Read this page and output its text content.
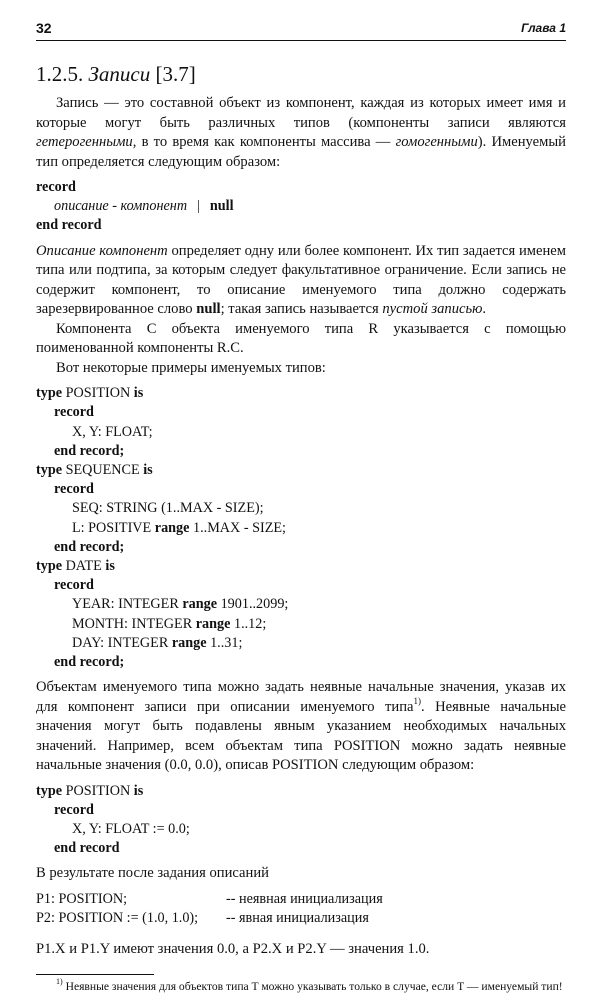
32	Глава 1
1.2.5. Записи [3.7]

Запись — это составной объект из компонент, каждая из которых имеет имя и которые могут быть различных типов (компоненты записи являются гетерогенными, в то время как компоненты массива — гомогенными). Именуемый тип определяется следующим образом:

record
описание - компонент | null
end record

Описание компонент определяет одну или более компонент. Их тип задается именем типа или подтипа, за которым следует факультативное ограничение. Если запись не содержит компонент, то описание именуемого типа должно содержать зарезервированное слово null; такая запись называется пустой записью.

Компонента C объекта именуемого типа R указывается с помощью поименованной компоненты R.C.

Вот некоторые примеры именуемых типов:

type POSITION is
record
X, Y: FLOAT;
end record;
type SEQUENCE is
record
SEQ: STRING (1..MAX - SIZE);
L: POSITIVE range 1..MAX - SIZE;
end record;
type DATE is
record
YEAR: INTEGER range 1901..2099;
MONTH: INTEGER range 1..12;
DAY: INTEGER range 1..31;
end record;

Объектам именуемого типа можно задать неявные начальные значения, указав их для компонент записи при описании именуемого типа$^{1)}$. Неявные начальные значения могут быть подавлены явным указанием необходимых начальных значений. Например, всем объектам типа POSITION можно задать неявные начальные значения (0.0, 0.0), описав POSITION следующим образом:

type POSITION is
record
X, Y: FLOAT := 0.0;
end record

В результате после задания описаний

P1: POSITION;	-- неявная инициализация
P2: POSITION := (1.0, 1.0);	-- явная инициализация

P1.X и P1.Y имеют значения 0.0, а P2.X и P2.Y — значения 1.0.

$^{1)}$ Неявные значения для объектов типа T можно указывать только в случае, если T — именуемый тип!
